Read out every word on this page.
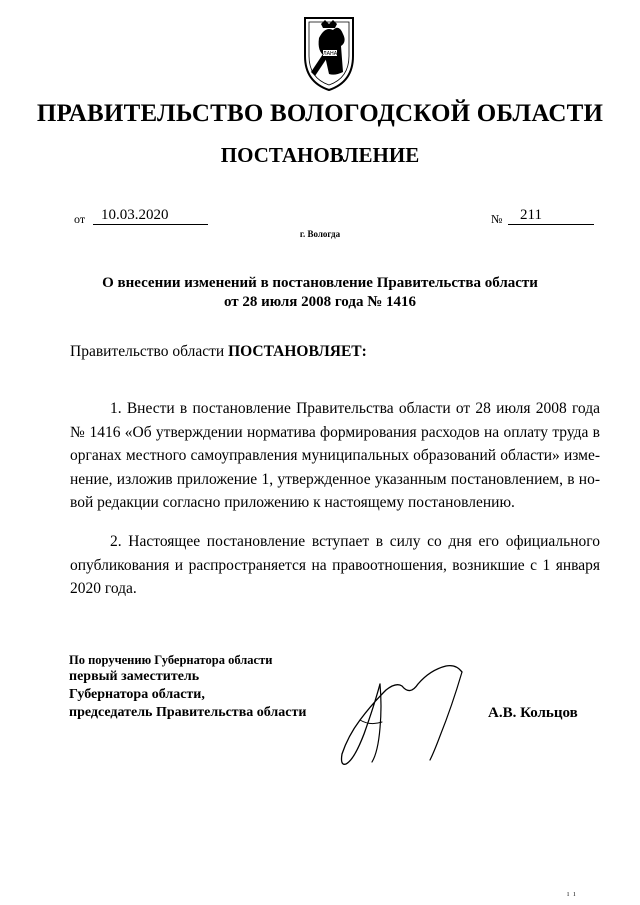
ЛАНА
ПРАВИТЕЛЬСТВО ВОЛОГОДСКОЙ ОБЛАСТИ
ПОСТАНОВЛЕНИЕ
от	10.03.2020	№	211
г. Вологда
О внесении изменений в постановление Правительства области
от 28 июля 2008 года № 1416
Правительство области ПОСТАНОВЛЯЕТ:
1. Внести в постановление Правительства области от 28 июля 2008 года
№ 1416 «Об утверждении норматива формирования расходов на оплату труда в
органах местного самоуправления муниципальных образований области» изме-
нение, изложив приложение 1, утвержденное указанным постановлением, в но-
вой редакции согласно приложению к настоящему постановлению.
2. Настоящее постановление вступает в силу со дня его официального
опубликования и распространяется на правоотношения, возникшие с 1 января
2020 года.
По поручению Губернатора области
первый заместитель
Губернатора области,
председатель Правительства области	А.В. Кольцов
ı  ı
